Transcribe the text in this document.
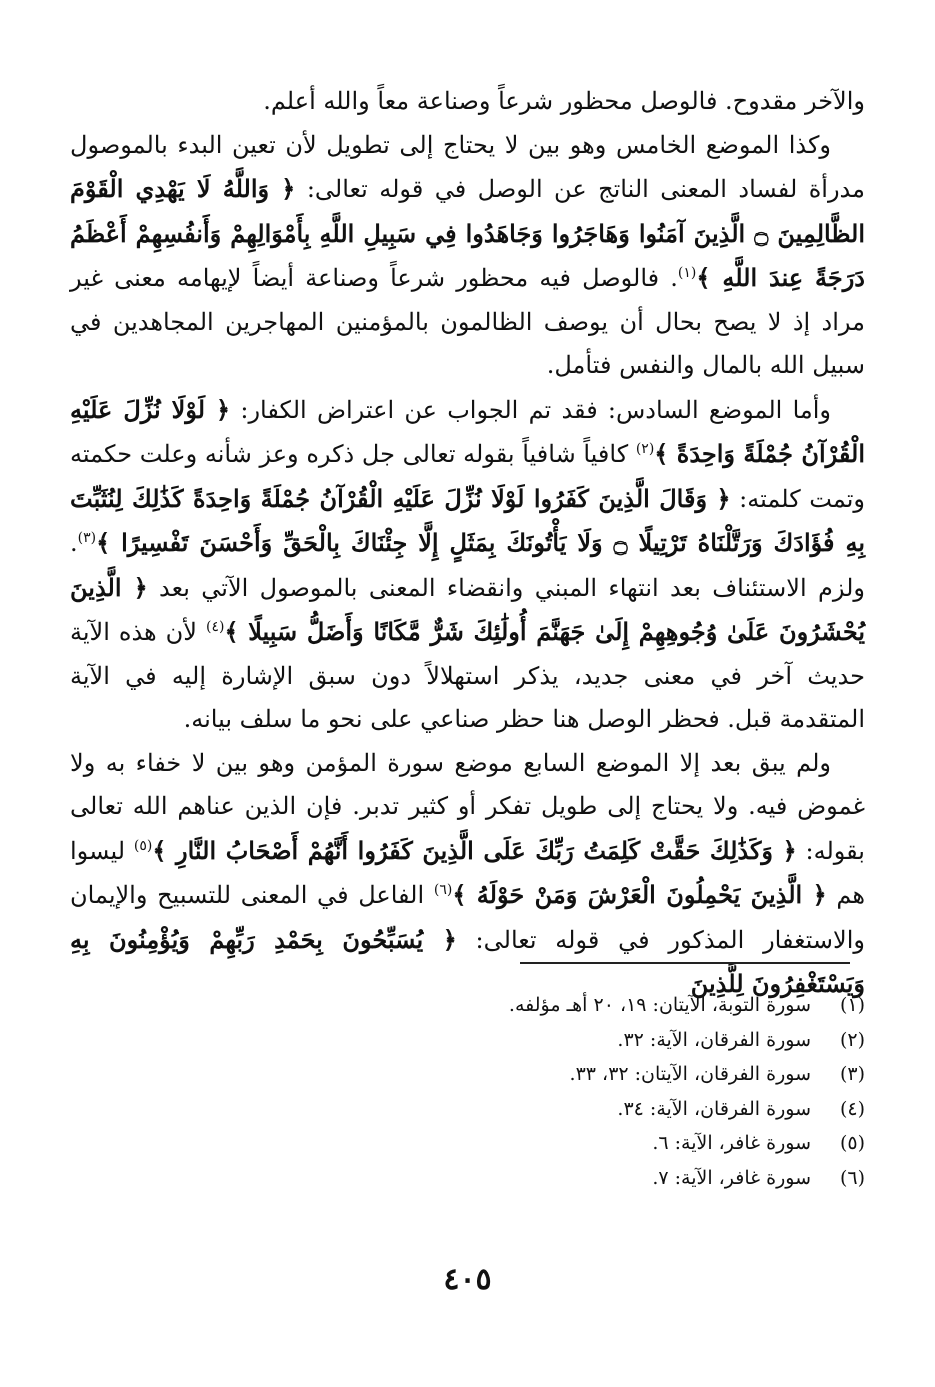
والآخر مقدوح. فالوصل محظور شرعاً وصناعة معاً والله أعلم.

وكذا الموضع الخامس وهو بين لا يحتاج إلى تطويل لأن تعين البدء بالموصول مدرأة لفساد المعنى الناتج عن الوصل في قوله تعالى: ﴿ وَاللَّهُ لَا يَهْدِي الْقَوْمَ الظَّالِمِينَ ۝ الَّذِينَ آمَنُوا وَهَاجَرُوا وَجَاهَدُوا فِي سَبِيلِ اللَّهِ بِأَمْوَالِهِمْ وَأَنفُسِهِمْ أَعْظَمُ دَرَجَةً عِندَ اللَّهِ ﴾$^{(١)}$. فالوصل فيه محظور شرعاً وصناعة أيضاً لإيهامه معنى غير مراد إذ لا يصح بحال أن يوصف الظالمون بالمؤمنين المهاجرين المجاهدين في سبيل الله بالمال والنفس فتأمل.

وأما الموضع السادس: فقد تم الجواب عن اعتراض الكفار: ﴿ لَوْلَا نُزِّلَ عَلَيْهِ الْقُرْآنُ جُمْلَةً وَاحِدَةً ﴾$^{(٢)}$ كافياً شافياً بقوله تعالى جل ذكره وعز شأنه وعلت حكمته وتمت كلمته: ﴿ وَقَالَ الَّذِينَ كَفَرُوا لَوْلَا نُزِّلَ عَلَيْهِ الْقُرْآنُ جُمْلَةً وَاحِدَةً كَذَٰلِكَ لِنُثَبِّتَ بِهِ فُؤَادَكَ وَرَتَّلْنَاهُ تَرْتِيلًا ۝ وَلَا يَأْتُونَكَ بِمَثَلٍ إِلَّا جِئْنَاكَ بِالْحَقِّ وَأَحْسَنَ تَفْسِيرًا ﴾$^{(٣)}$. ولزم الاستئناف بعد انتهاء المبني وانقضاء المعنى بالموصول الآتي بعد ﴿ الَّذِينَ يُحْشَرُونَ عَلَىٰ وُجُوهِهِمْ إِلَىٰ جَهَنَّمَ أُولَٰئِكَ شَرٌّ مَّكَانًا وَأَضَلُّ سَبِيلًا ﴾$^{(٤)}$ لأن هذه الآية حديث آخر في معنى جديد، يذكر استهلالاً دون سبق الإشارة إليه في الآية المتقدمة قبل. فحظر الوصل هنا حظر صناعي على نحو ما سلف بيانه.

ولم يبق بعد إلا الموضع السابع موضع سورة المؤمن وهو بين لا خفاء به ولا غموض فيه. ولا يحتاج إلى طويل تفكر أو كثير تدبر. فإن الذين عناهم الله تعالى بقوله: ﴿ وَكَذَٰلِكَ حَقَّتْ كَلِمَتُ رَبِّكَ عَلَى الَّذِينَ كَفَرُوا أَنَّهُمْ أَصْحَابُ النَّارِ ﴾$^{(٥)}$ ليسوا هم ﴿ الَّذِينَ يَحْمِلُونَ الْعَرْشَ وَمَنْ حَوْلَهُ ﴾$^{(٦)}$ الفاعل في المعنى للتسبيح والإيمان والاستغفار المذكور في قوله تعالى: ﴿ يُسَبِّحُونَ بِحَمْدِ رَبِّهِمْ وَيُؤْمِنُونَ بِهِ وَيَسْتَغْفِرُونَ لِلَّذِينَ

(١)
سورة التوبة، الآيتان: ١٩، ٢٠ أهـ مؤلفه.
(٢)
سورة الفرقان، الآية: ٣٢.
(٣)
سورة الفرقان، الآيتان: ٣٢، ٣٣.
(٤)
سورة الفرقان، الآية: ٣٤.
(٥)
سورة غافر، الآية: ٦.
(٦)
سورة غافر، الآية: ٧.
٤٠٥
